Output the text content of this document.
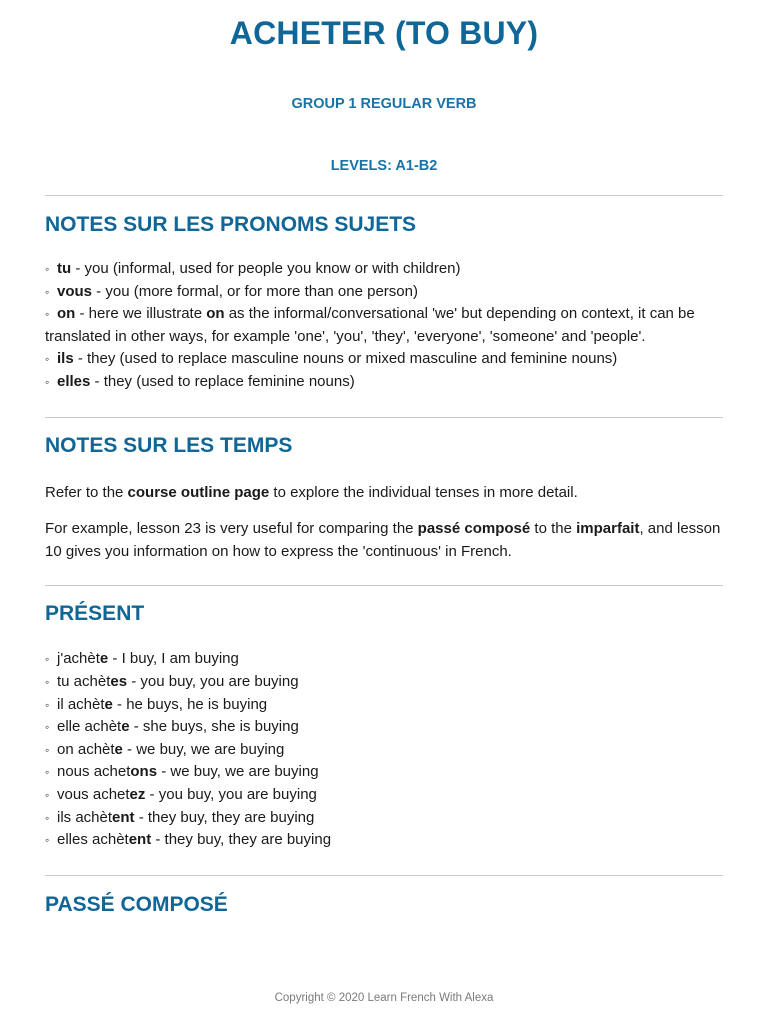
ACHETER (TO BUY)
GROUP 1 REGULAR VERB
LEVELS: A1-B2
NOTES SUR LES PRONOMS SUJETS
◦ tu - you (informal, used for people you know or with children)
◦ vous - you (more formal, or for more than one person)
◦ on - here we illustrate on as the informal/conversational 'we' but depending on context, it can be translated in other ways, for example 'one', 'you', 'they', 'everyone', 'someone' and 'people'.
◦ ils - they (used to replace masculine nouns or mixed masculine and feminine nouns)
◦ elles - they (used to replace feminine nouns)
NOTES SUR LES TEMPS

Refer to the course outline page to explore the individual tenses in more detail.

For example, lesson 23 is very useful for comparing the passé composé to the imparfait, and lesson 10 gives you information on how to express the 'continuous' in French.

PRÉSENT
◦ j'achète - I buy, I am buying
◦ tu achètes - you buy, you are buying
◦ il achète - he buys, he is buying
◦ elle achète - she buys, she is buying
◦ on achète - we buy, we are buying
◦ nous achetons - we buy, we are buying
◦ vous achetez - you buy, you are buying
◦ ils achètent - they buy, they are buying
◦ elles achètent - they buy, they are buying
PASSÉ COMPOSÉ
Copyright © 2020 Learn French With Alexa
